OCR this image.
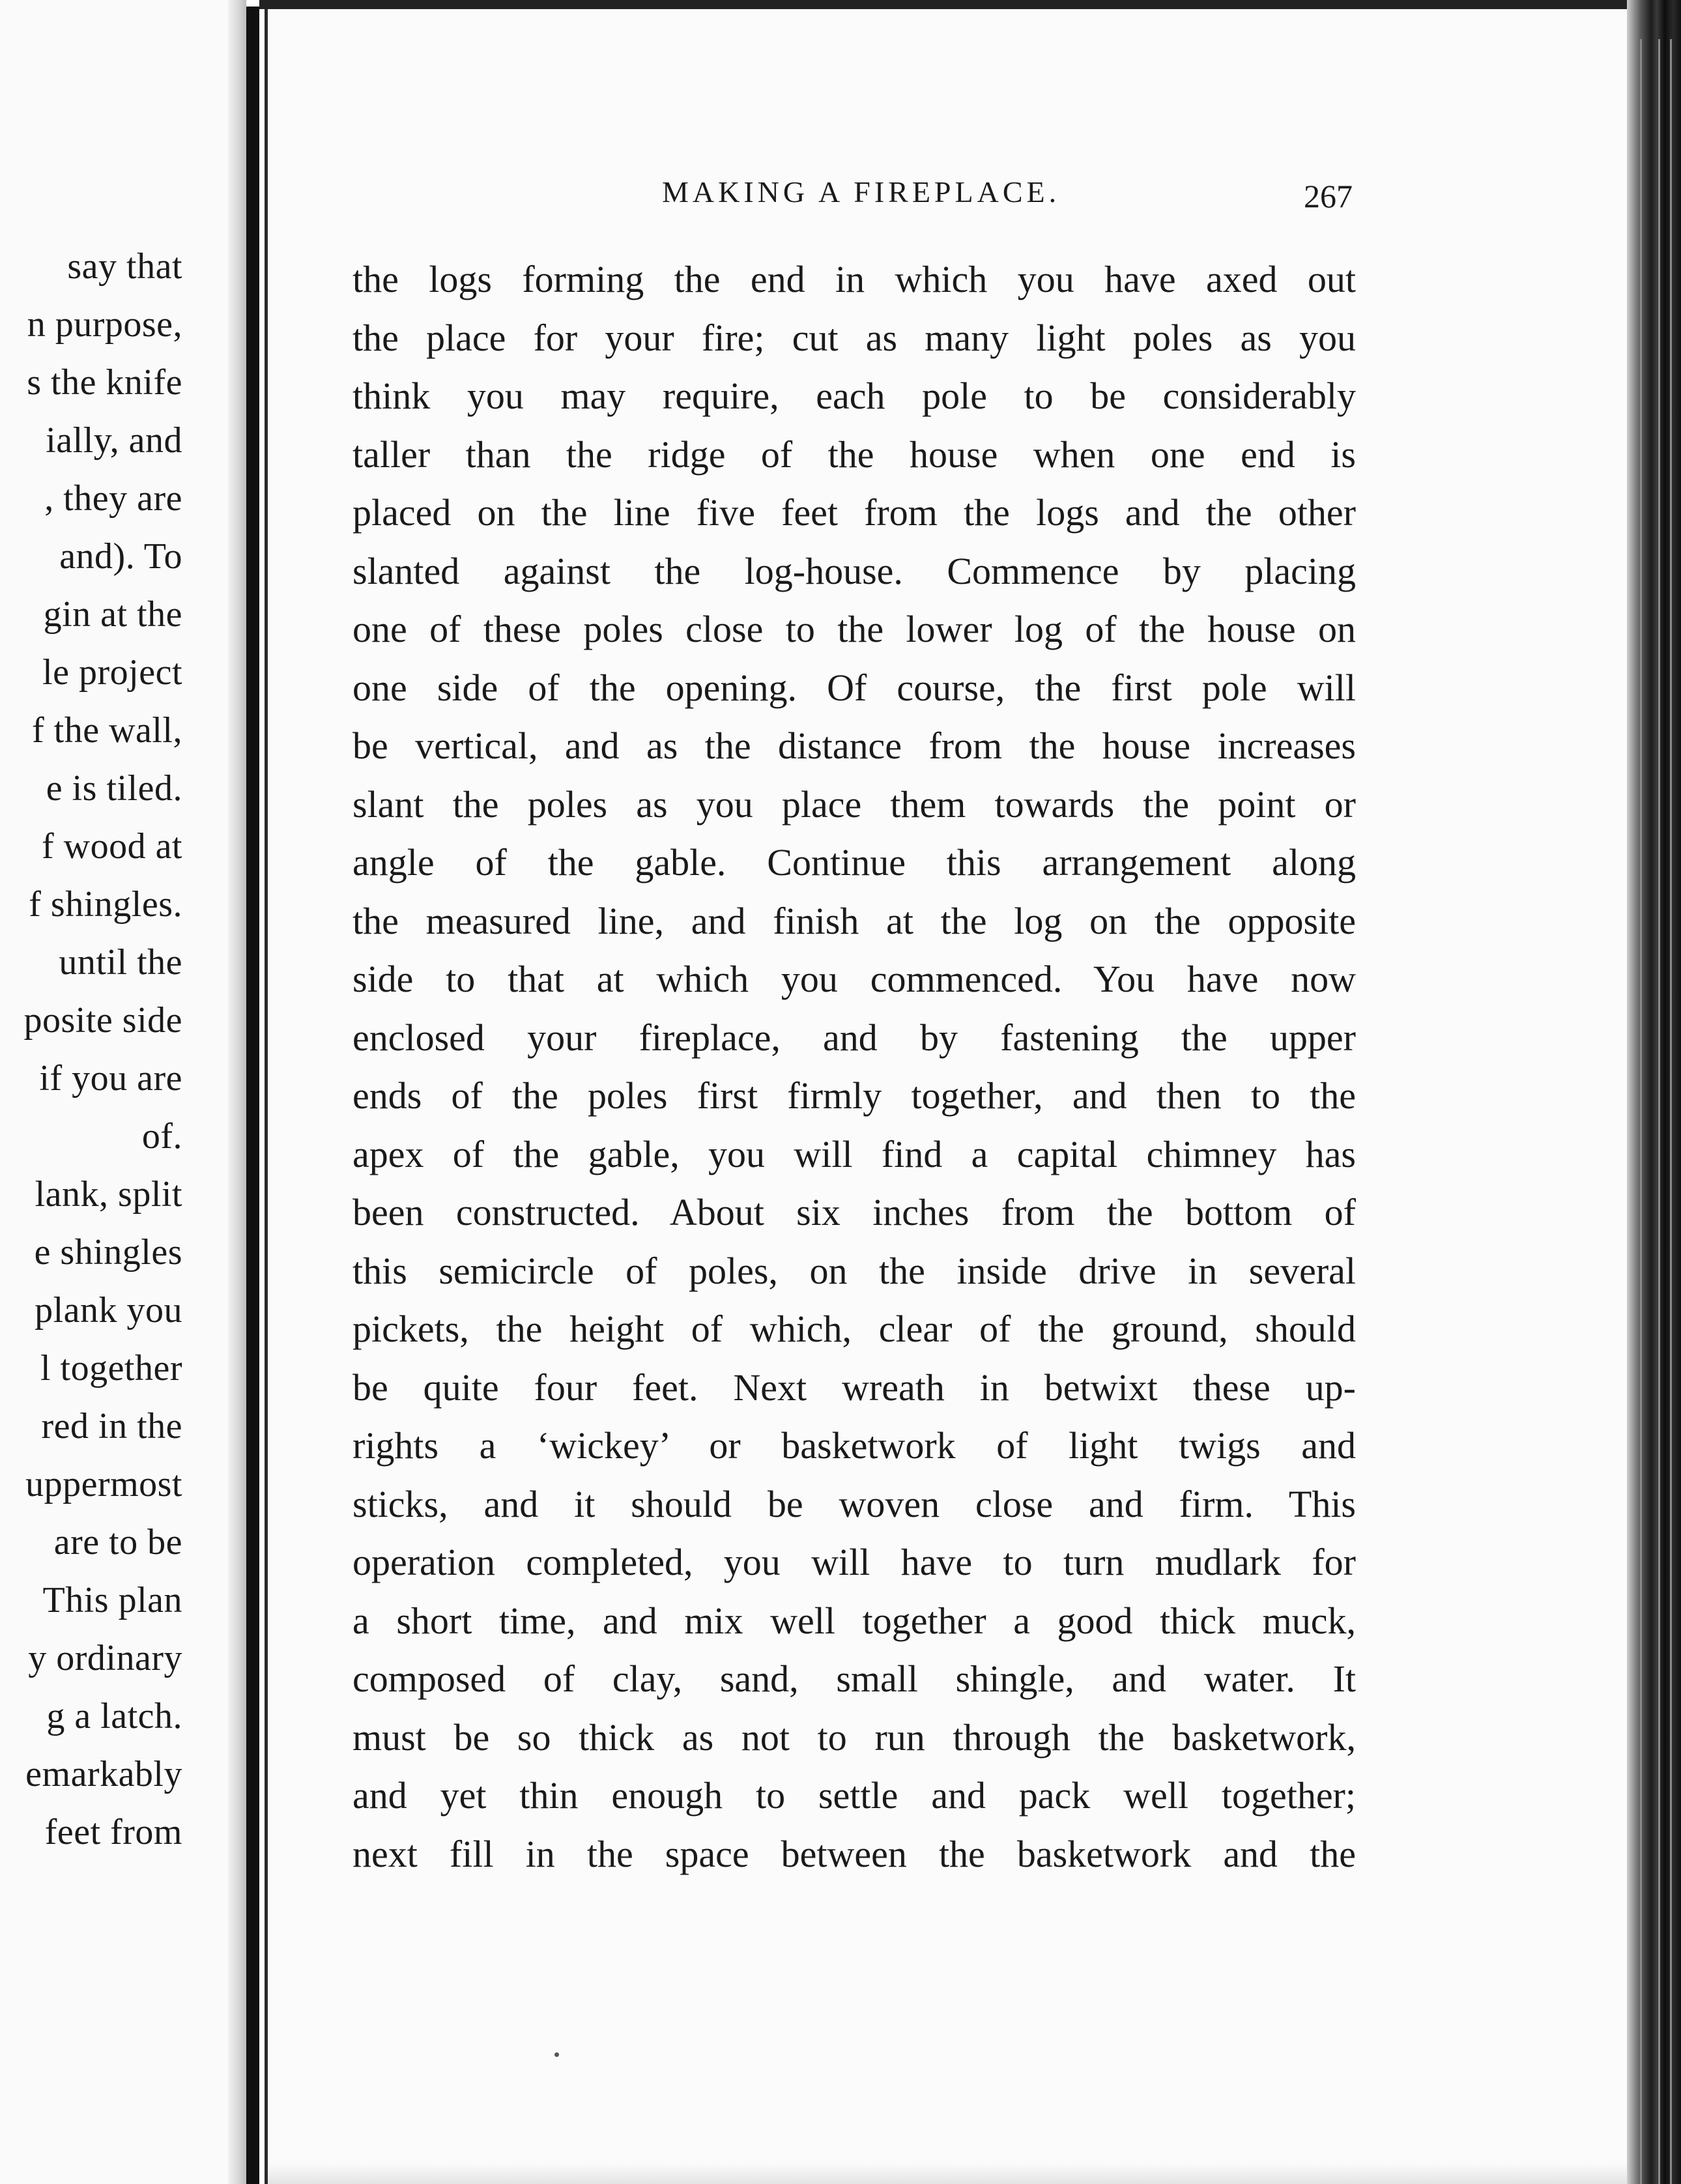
say that
n purpose,
s the knife
ially, and
, they are
and). To
gin at the
le project
f the wall,
e is tiled.
f wood at
f shingles.
until the
posite side
if you are
of.
lank, split
e shingles
plank you
l together
red in the
uppermost
are to be
This plan
y ordinary
g a latch.
emarkably
feet from
MAKING A FIREPLACE.	267
the logs forming the end in which you have axed out
the place for your fire; cut as many light poles as you
think you may require, each pole to be considerably
taller than the ridge of the house when one end is
placed on the line five feet from the logs and the other
slanted against the log-house. Commence by placing
one of these poles close to the lower log of the house on
one side of the opening. Of course, the first pole will
be vertical, and as the distance from the house increases
slant the poles as you place them towards the point or
angle of the gable. Continue this arrangement along
the measured line, and finish at the log on the opposite
side to that at which you commenced. You have now
enclosed your fireplace, and by fastening the upper
ends of the poles first firmly together, and then to the
apex of the gable, you will find a capital chimney has
been constructed. About six inches from the bottom of
this semicircle of poles, on the inside drive in several
pickets, the height of which, clear of the ground, should
be quite four feet. Next wreath in betwixt these up-
rights a ‘wickey’ or basketwork of light twigs and
sticks, and it should be woven close and firm. This
operation completed, you will have to turn mudlark for
a short time, and mix well together a good thick muck,
composed of clay, sand, small shingle, and water. It
must be so thick as not to run through the basketwork,
and yet thin enough to settle and pack well together;
next fill in the space between the basketwork and the
